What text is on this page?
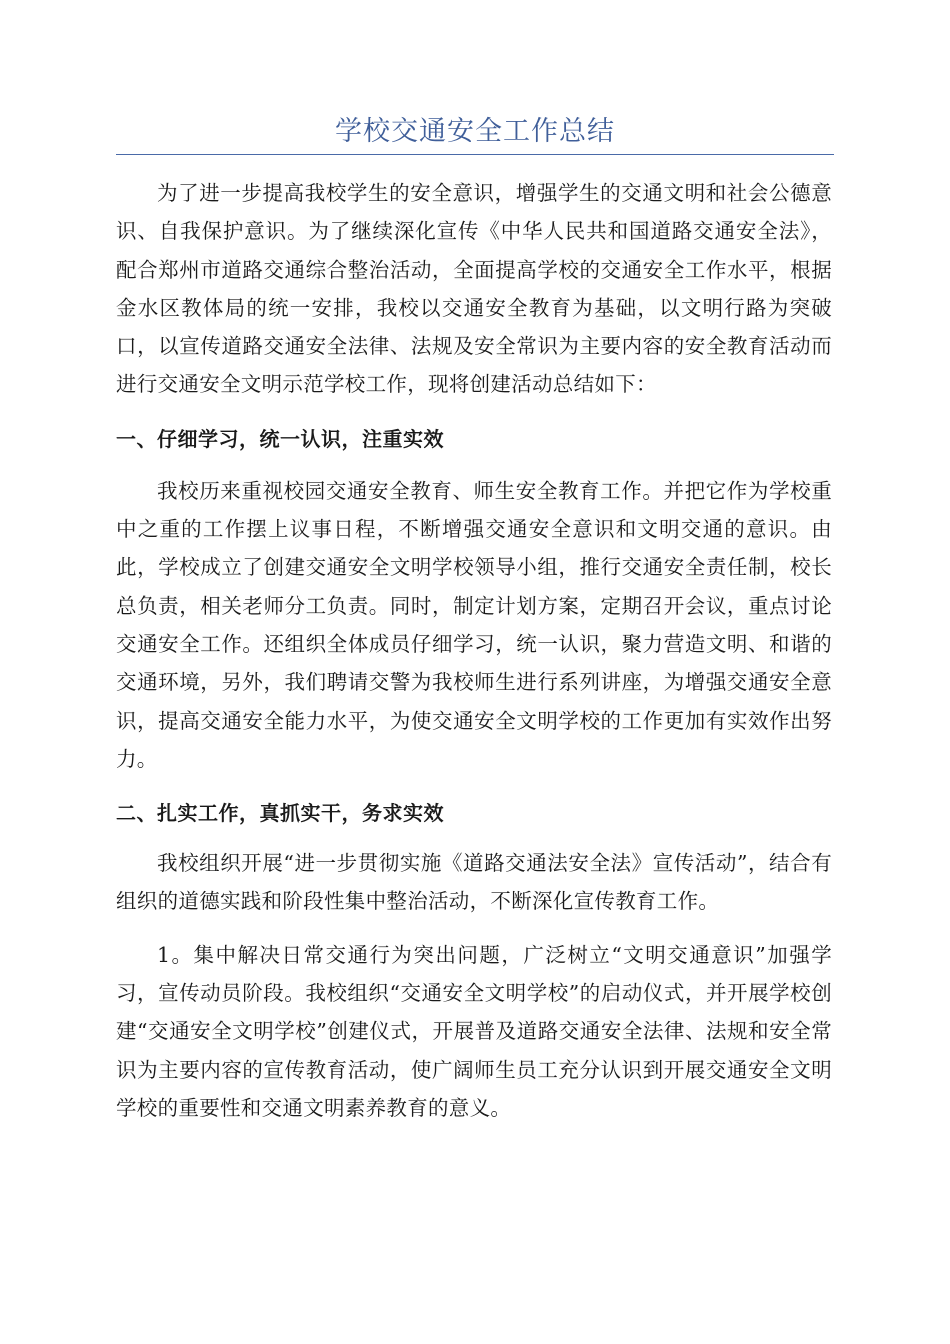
学校交通安全工作总结

为了进一步提高我校学生的安全意识，增强学生的交通文明和社会公德意识、自我保护意识。为了继续深化宣传《中华人民共和国道路交通安全法》，配合郑州市道路交通综合整治活动，全面提高学校的交通安全工作水平，根据金水区教体局的统一安排，我校以交通安全教育为基础，以文明行路为突破口，以宣传道路交通安全法律、法规及安全常识为主要内容的安全教育活动而进行交通安全文明示范学校工作，现将创建活动总结如下：

一、仔细学习，统一认识，注重实效

我校历来重视校园交通安全教育、师生安全教育工作。并把它作为学校重中之重的工作摆上议事日程，不断增强交通安全意识和文明交通的意识。由此，学校成立了创建交通安全文明学校领导小组，推行交通安全责任制，校长总负责，相关老师分工负责。同时，制定计划方案，定期召开会议，重点讨论交通安全工作。还组织全体成员仔细学习，统一认识，聚力营造文明、和谐的交通环境，另外，我们聘请交警为我校师生进行系列讲座，为增强交通安全意识，提高交通安全能力水平，为使交通安全文明学校的工作更加有实效作出努力。

二、扎实工作，真抓实干，务求实效

我校组织开展“进一步贯彻实施《道路交通法安全法》宣传活动”，结合有组织的道德实践和阶段性集中整治活动，不断深化宣传教育工作。

1。集中解决日常交通行为突出问题，广泛树立“文明交通意识”加强学习，宣传动员阶段。我校组织“交通安全文明学校”的启动仪式，并开展学校创建“交通安全文明学校”创建仪式，开展普及道路交通安全法律、法规和安全常识为主要内容的宣传教育活动，使广阔师生员工充分认识到开展交通安全文明学校的重要性和交通文明素养教育的意义。
